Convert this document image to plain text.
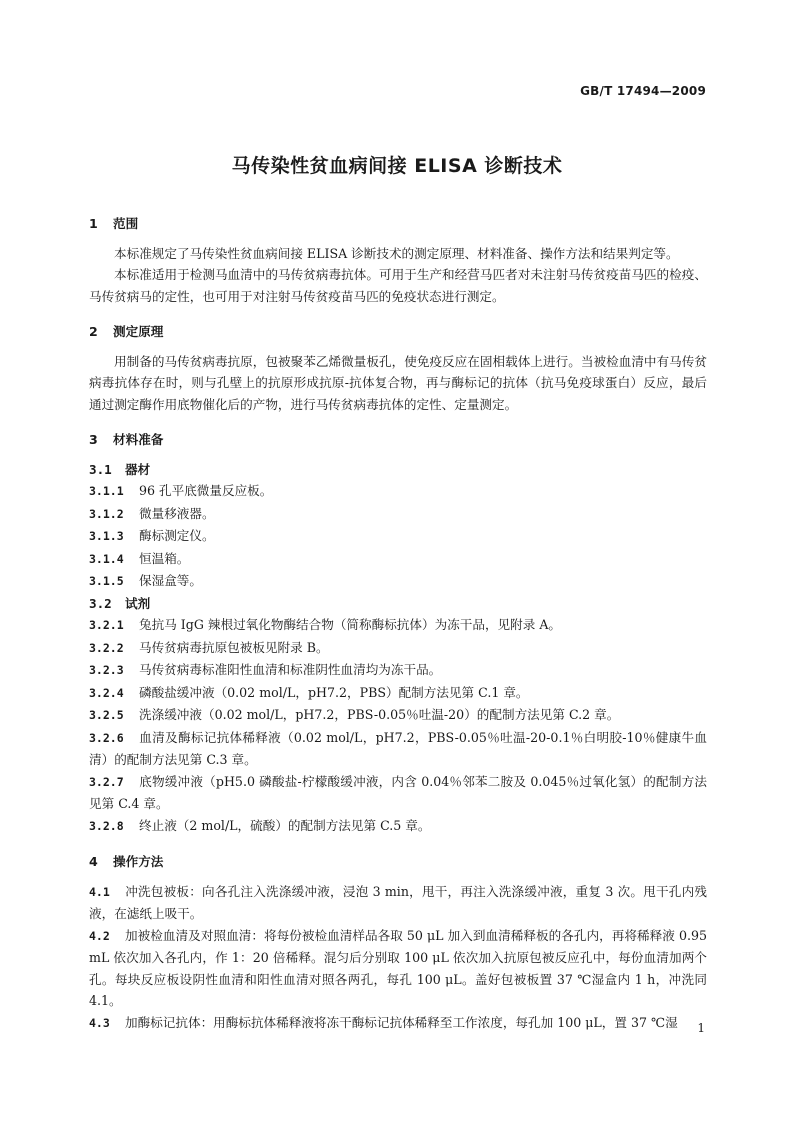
GB/T 17494—2009
马传染性贫血病间接 ELISA 诊断技术
1 范围

本标准规定了马传染性贫血病间接 ELISA 诊断技术的测定原理、材料准备、操作方法和结果判定等。

本标准适用于检测马血清中的马传贫病毒抗体。可用于生产和经营马匹者对未注射马传贫疫苗马匹的检疫、马传贫病马的定性，也可用于对注射马传贫疫苗马匹的免疫状态进行测定。

2 测定原理

用制备的马传贫病毒抗原，包被聚苯乙烯微量板孔，使免疫反应在固相载体上进行。当被检血清中有马传贫病毒抗体存在时，则与孔壁上的抗原形成抗原-抗体复合物，再与酶标记的抗体（抗马免疫球蛋白）反应，最后通过测定酶作用底物催化后的产物，进行马传贫病毒抗体的定性、定量测定。

3 材料准备
3.1 器材

3.1.1 96 孔平底微量反应板。

3.1.2 微量移液器。

3.1.3 酶标测定仪。

3.1.4 恒温箱。

3.1.5 保湿盒等。

3.2 试剂

3.2.1 兔抗马 IgG 辣根过氧化物酶结合物（简称酶标抗体）为冻干品，见附录 A。

3.2.2 马传贫病毒抗原包被板见附录 B。

3.2.3 马传贫病毒标准阳性血清和标准阴性血清均为冻干品。

3.2.4 磷酸盐缓冲液（0.02 mol/L，pH7.2，PBS）配制方法见第 C.1 章。

3.2.5 洗涤缓冲液（0.02 mol/L，pH7.2，PBS-0.05％吐温-20）的配制方法见第 C.2 章。

3.2.6 血清及酶标记抗体稀释液（0.02 mol/L，pH7.2，PBS-0.05％吐温-20-0.1％白明胶-10％健康牛血清）的配制方法见第 C.3 章。

3.2.7 底物缓冲液（pH5.0 磷酸盐-柠檬酸缓冲液，内含 0.04％邻苯二胺及 0.045％过氧化氢）的配制方法见第 C.4 章。

3.2.8 终止液（2 mol/L，硫酸）的配制方法见第 C.5 章。

4 操作方法

4.1 冲洗包被板：向各孔注入洗涤缓冲液，浸泡 3 min，甩干，再注入洗涤缓冲液，重复 3 次。甩干孔内残液，在滤纸上吸干。

4.2 加被检血清及对照血清：将每份被检血清样品各取 50 μL 加入到血清稀释板的各孔内，再将稀释液 0.95 mL 依次加入各孔内，作 1：20 倍稀释。混匀后分别取 100 μL 依次加入抗原包被反应孔中，每份血清加两个孔。每块反应板设阴性血清和阳性血清对照各两孔，每孔 100 μL。盖好包被板置 37 ℃湿盒内 1 h，冲洗同 4.1。

4.3 加酶标记抗体：用酶标抗体稀释液将冻干酶标记抗体稀释至工作浓度，每孔加 100 μL，置 37 ℃湿	1
